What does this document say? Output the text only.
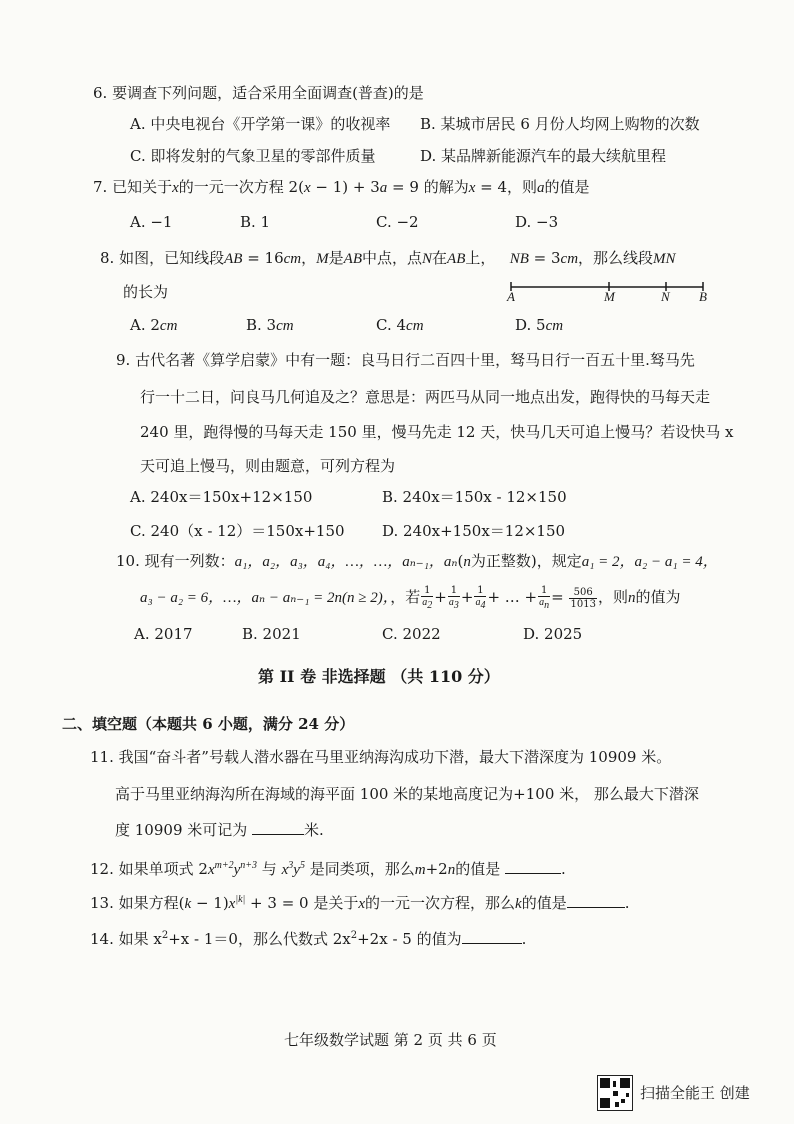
6. 要调查下列问题，适合采用全面调查(普查)的是
A. 中央电视台《开学第一课》的收视率 B. 某城市居民 6 月份人均网上购物的次数
C. 即将发射的气象卫星的零部件质量	D. 某品牌新能源汽车的最大续航里程
7. 已知关于x的一元一次方程 2(x − 1) + 3a = 9 的解为x = 4，则a的值是
A. −1	B. 1	C. −2	D. −3
8. 如图，已知线段AB = 16cm，M是AB中点，点N在AB上， NB = 3cm，那么线段MN
的长为	A	M	N B
A. 2cm	B. 3cm	C. 4cm	D. 5cm
9. 古代名著《算学启蒙》中有一题：良马日行二百四十里，驽马日行一百五十里.驽马先
行一十二日，问良马几何追及之？意思是：两匹马从同一地点出发，跑得快的马每天走
240 里，跑得慢的马每天走 150 里，慢马先走 12 天，快马几天可追上慢马？若设快马 x
天可追上慢马，则由题意，可列方程为
A. 240x＝150x+12×150	B. 240x＝150x - 12×150
C. 240（x - 12）＝150x+150 D. 240x+150x＝12×150
10. 现有一列数：a₁，a₂，a₃，a₄，…，…，aₙ₋₁，aₙ(n为正整数)，规定a₁ = 2，a₂ − a₁ = 4，
a₃ − a₂ = 6，…，aₙ − aₙ₋₁ = 2n(n ≥ 2)，，若 $\frac{1}{a2} + \frac{1}{a3} + \frac{1}{a4}$ + … + $\frac{1}{an} = \frac{506}{1013}$ ，则n的值为
A. 2017	B. 2021	C. 2022	D. 2025
第 II 卷 非选择题 （共 110 分）
二、填空题（本题共 6 小题，满分 24 分）
11. 我国“奋斗者”号载人潜水器在马里亚纳海沟成功下潜，最大下潜深度为 10909 米。
高于马里亚纳海沟所在海域的海平面 100 米的某地高度记为+100 米， 那么最大下潜深
度 10909 米可记为	米.
12. 如果单项式 $2x^{m+2}y^{n+3}$ 与 $x^3y^5$ 是同类项，那么m+2n的值是	.
13. 如果方程$(k - 1)x^{|k|} + 3 = 0$ 是关于x的一元一次方程，那么k的值是	.
14. 如果 $x^2+x - 1=0$，那么代数式 $2x^2+2x - 5$ 的值为	.
七年级数学试题 第 2 页 共 6 页
扫描全能王 创建
